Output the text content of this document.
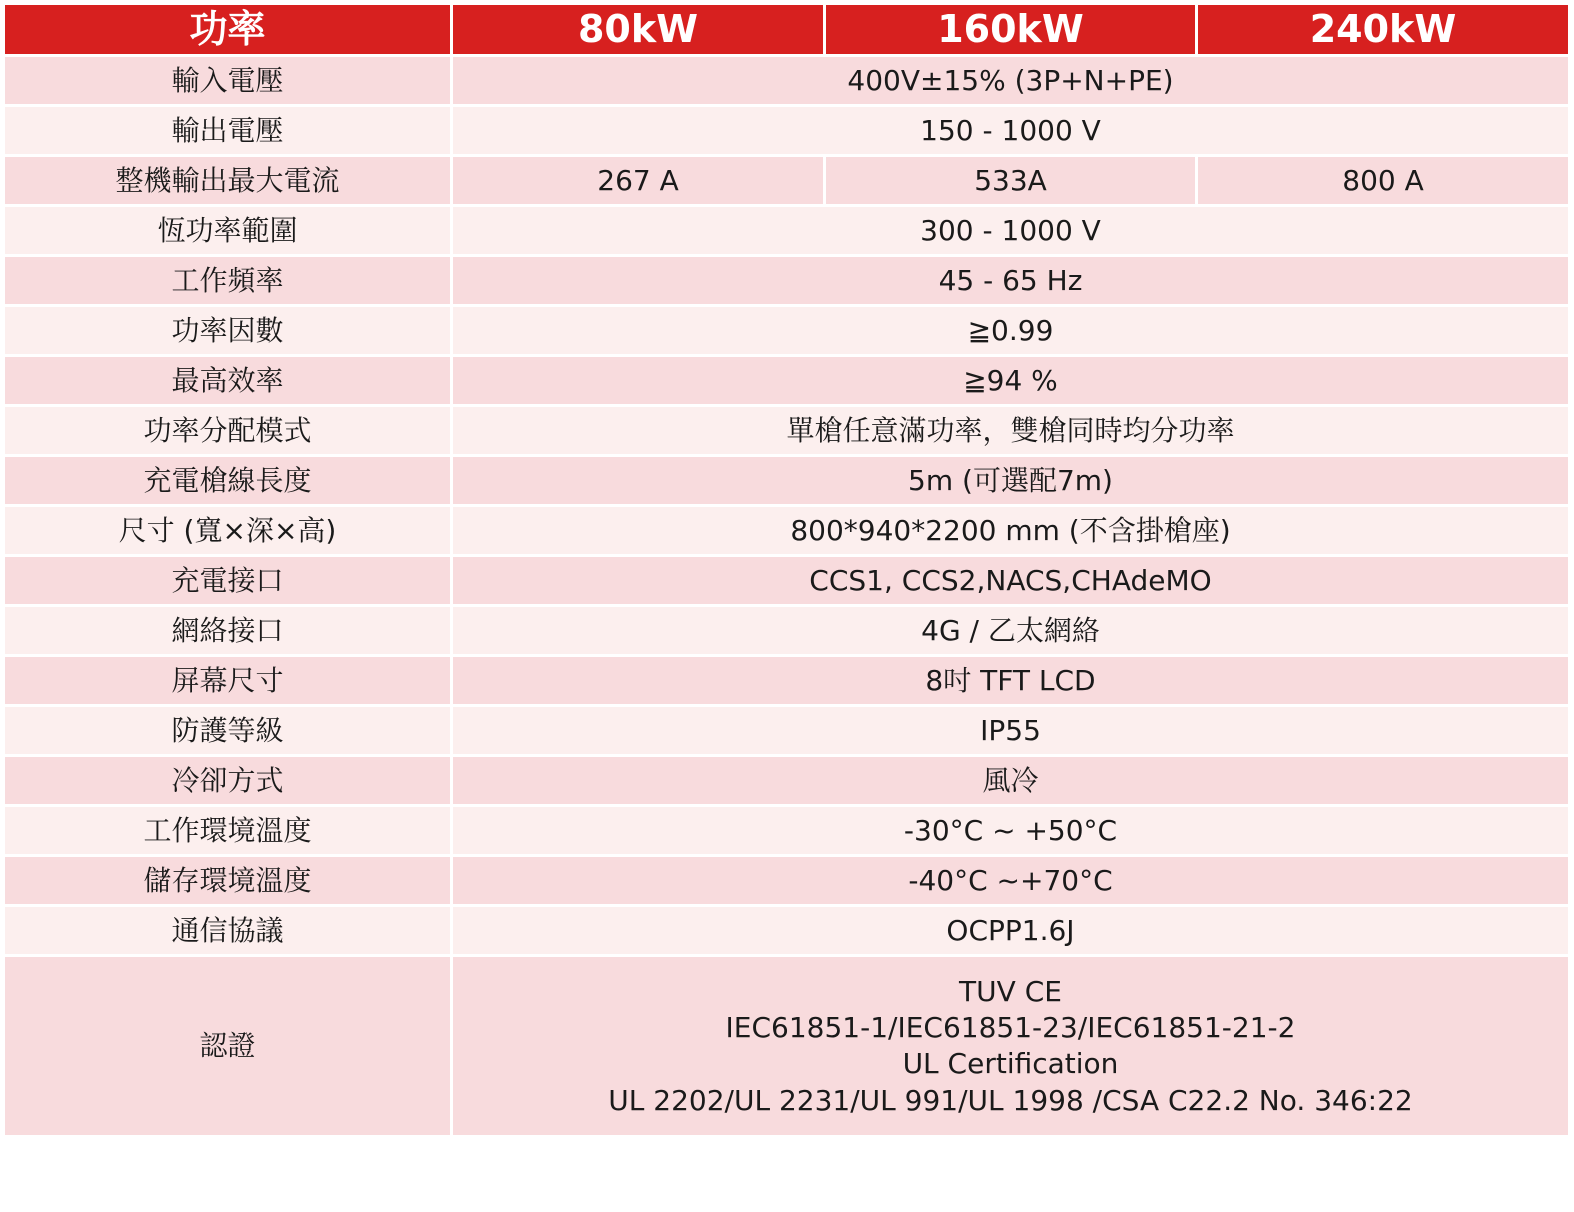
功率	80kW	160kW	240kW
輸入電壓	400V±15% (3P+N+PE)		
輸出電壓	150 - 1000 V		
整機輸出最大電流	267 A	533A	800 A
恆功率範圍	300 - 1000 V		
工作頻率	45 - 65 Hz		
功率因數	≧0.99		
最高效率	≧94 %		
功率分配模式	單槍任意滿功率，雙槍同時均分功率		
充電槍線長度	5m (可選配7m)		
尺寸 (寬×深×高)	800*940*2200 mm (不含掛槍座)		
充電接口	CCS1, CCS2,NACS,CHAdeMO		
網絡接口	4G / 乙太網絡		
屏幕尺寸	8吋 TFT LCD		
防護等級	IP55		
冷卻方式	風冷		
工作環境溫度	-30°C ~ +50°C		
儲存環境溫度	-40°C ~+70°C		
通信協議	OCPP1.6J		
認證	TUV CE
IEC61851-1/IEC61851-23/IEC61851-21-2
UL Certification
UL 2202/UL 2231/UL 991/UL 1998 /CSA C22.2 No. 346:22		
